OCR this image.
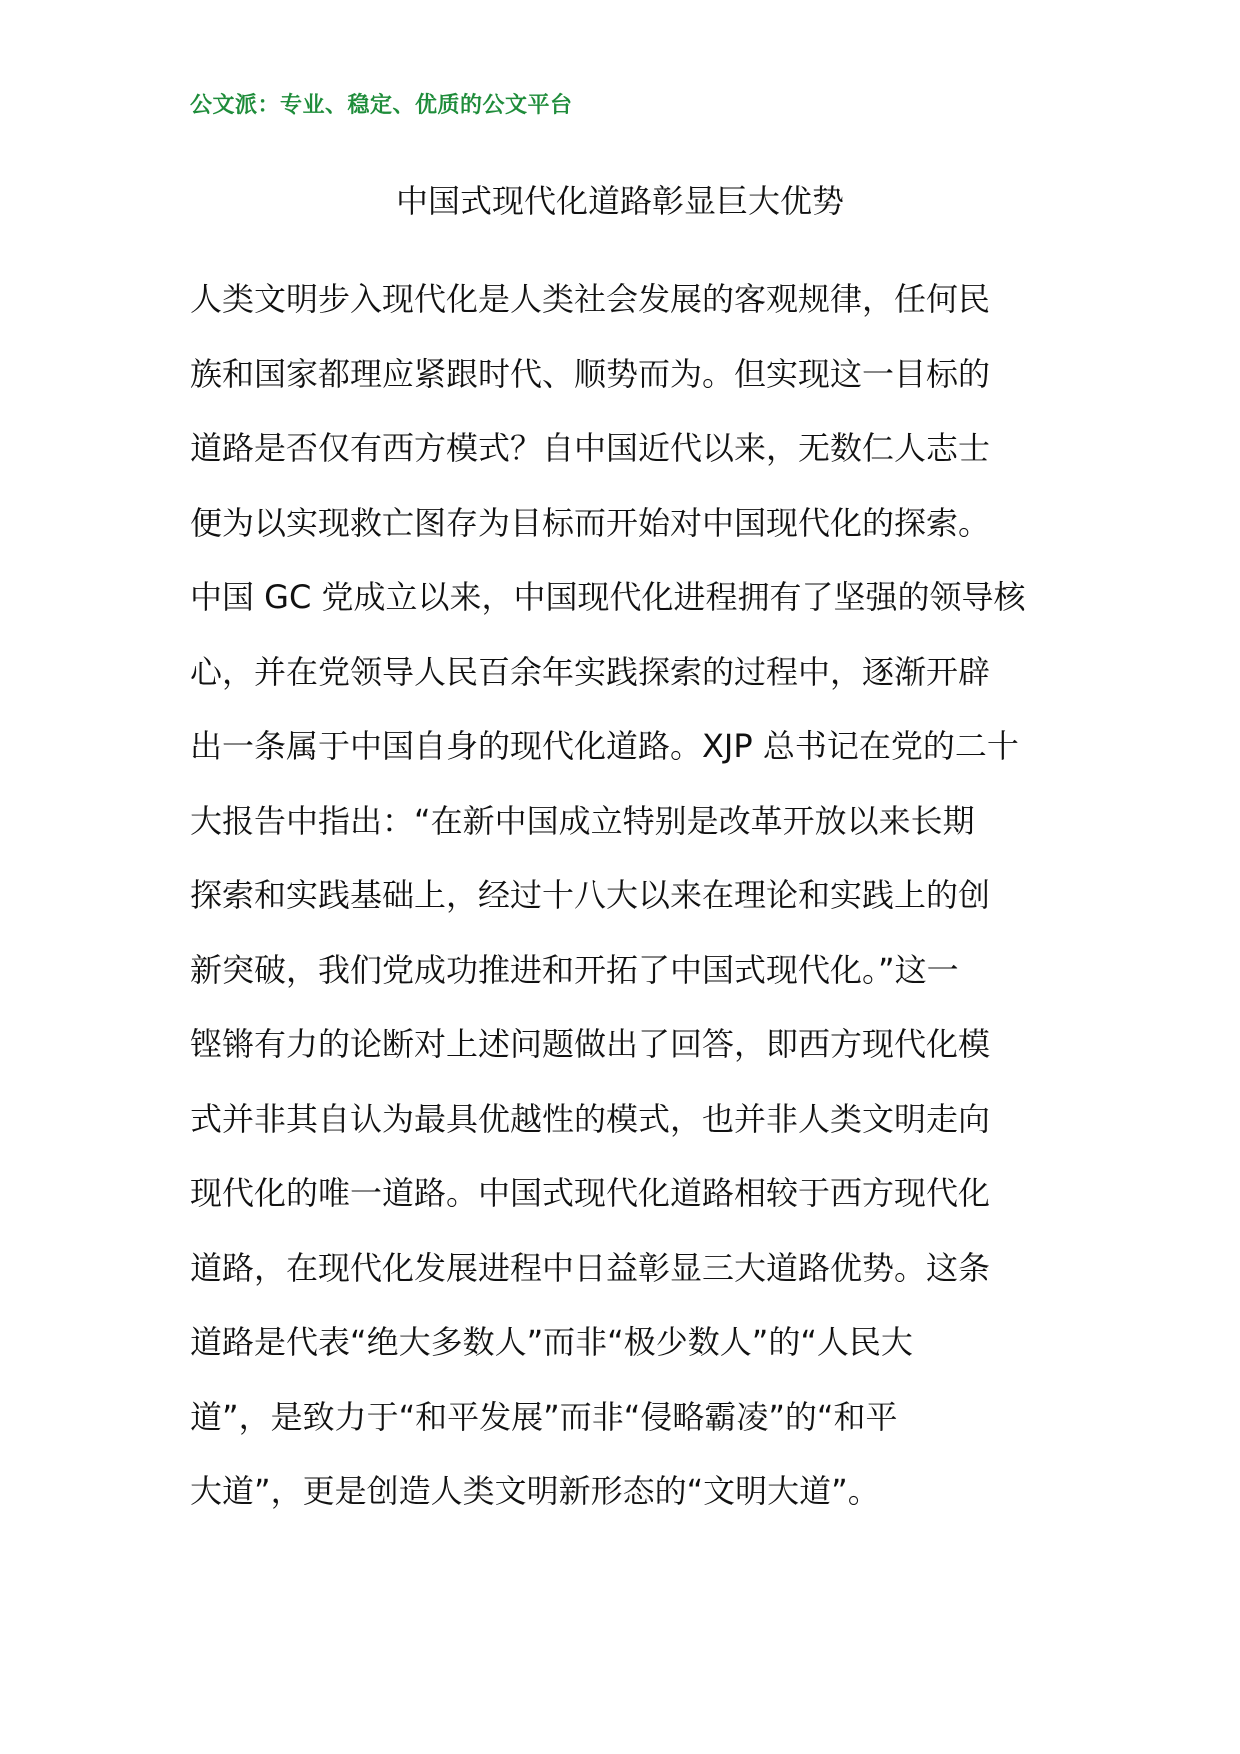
公文派：专业、稳定、优质的公文平台
中国式现代化道路彰显巨大优势
人类文明步入现代化是人类社会发展的客观规律，任何民
族和国家都理应紧跟时代、顺势而为。但实现这一目标的
道路是否仅有西方模式？自中国近代以来，无数仁人志士
便为以实现救亡图存为目标而开始对中国现代化的探索。
中国 GC 党成立以来，中国现代化进程拥有了坚强的领导核
心，并在党领导人民百余年实践探索的过程中，逐渐开辟
出一条属于中国自身的现代化道路。XJP 总书记在党的二十
大报告中指出：“在新中国成立特别是改革开放以来长期
探索和实践基础上，经过十八大以来在理论和实践上的创
新突破，我们党成功推进和开拓了中国式现代化。”这一
铿锵有力的论断对上述问题做出了回答，即西方现代化模
式并非其自认为最具优越性的模式，也并非人类文明走向
现代化的唯一道路。中国式现代化道路相较于西方现代化
道路，在现代化发展进程中日益彰显三大道路优势。这条
道路是代表“绝大多数人”而非“极少数人”的“人民大
道”，是致力于“和平发展”而非“侵略霸凌”的“和平
大道”，更是创造人类文明新形态的“文明大道”。
